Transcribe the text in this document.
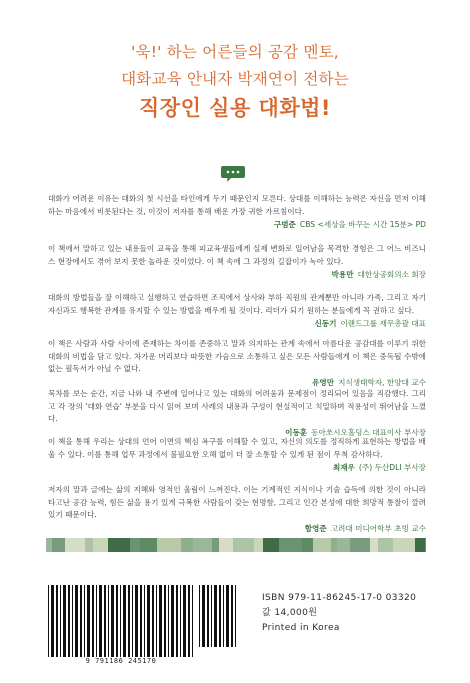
'욱!' 하는 어른들의 공감 멘토,
대화교육 안내자 박재연이 전하는
직장인 실용 대화법!

대화가 어려운 이유는 대화의 첫 시선을 타인에게 두기 때문인지 모른다. 상대를 이해하는 능력은 자신을 먼저 이해하는 마음에서 비롯된다는 것, 이것이 저자를 통해 배운 가장 귀한 가르침이다.

구범준 CBS <세상을 바꾸는 시간 15분> PD

이 책에서 말하고 있는 내용들이 교육을 통해 피교육생들에게 실제 변화로 일어남을 목격한 경험은 그 어느 비즈니스 현장에서도 겪어 보지 못한 놀라운 것이었다. 이 책 속에 그 과정의 길잡이가 녹아 있다.

박용만 대한상공회의소 회장

대화의 방법들을 잘 이해하고 실행하고 연습하면 조직에서 상사와 부하 직원의 관계뿐만 아니라 가족, 그리고 자기 자신과도 행복한 관계를 유지할 수 있는 방법을 배우게 될 것이다. 리더가 되기 원하는 분들에게 꼭 권하고 싶다.

신동기 이랜드그룹 재무총괄 대표

이 책은 사람과 사람 사이에 존재하는 차이를 존중하고 말과 의지하는 관계 속에서 아름다운 공감대를 이루기 위한 대화의 비법을 담고 있다. 차가운 머리보다 따뜻한 가슴으로 소통하고 싶은 모든 사람들에게 이 책은 중독될 수밖에 없는 필독서가 아닐 수 없다.

유영만 지식생태학자, 한양대 교수

묵차를 보는 순간, 지금 나와 내 주변에 일어나고 있는 대화의 어려움과 문제점이 정리되어 있음을 직감했다. 그리고 각 장의 '대화 연습' 부분을 다시 읽어 보며 사례의 내용과 구성이 현실적이고 치밀하며 적용성이 뛰어남을 느꼈다.

이동훈 동아쏘시오홀딩스 대표이사 부사장

이 책을 통해 우리는 상대의 언어 이면의 핵심 욕구를 이해할 수 있고, 자신의 의도를 정직하게 표현하는 방법을 배울 수 있다. 이를 통해 업무 과정에서 불필요한 오해 없이 더 잘 소통할 수 있게 된 점이 무척 감사하다.

최재우 (주) 두산DLI 부사장

저자의 말과 글에는 삶의 지혜와 영적인 울림이 느껴진다. 이는 기계적인 지식이나 기술 습득에 의한 것이 아니라 타고난 공감 능력, 힘든 삶을 용기 있게 극복한 사람들이 갖는 현명함, 그리고 인간 본성에 대한 희망적 통찰이 깔려 있기 때문이다.

함영준 고려대 미디어학부 초빙 교수
9 791186 245170
ISBN 979-11-86245-17-0 03320
값 14,000원
Printed in Korea
